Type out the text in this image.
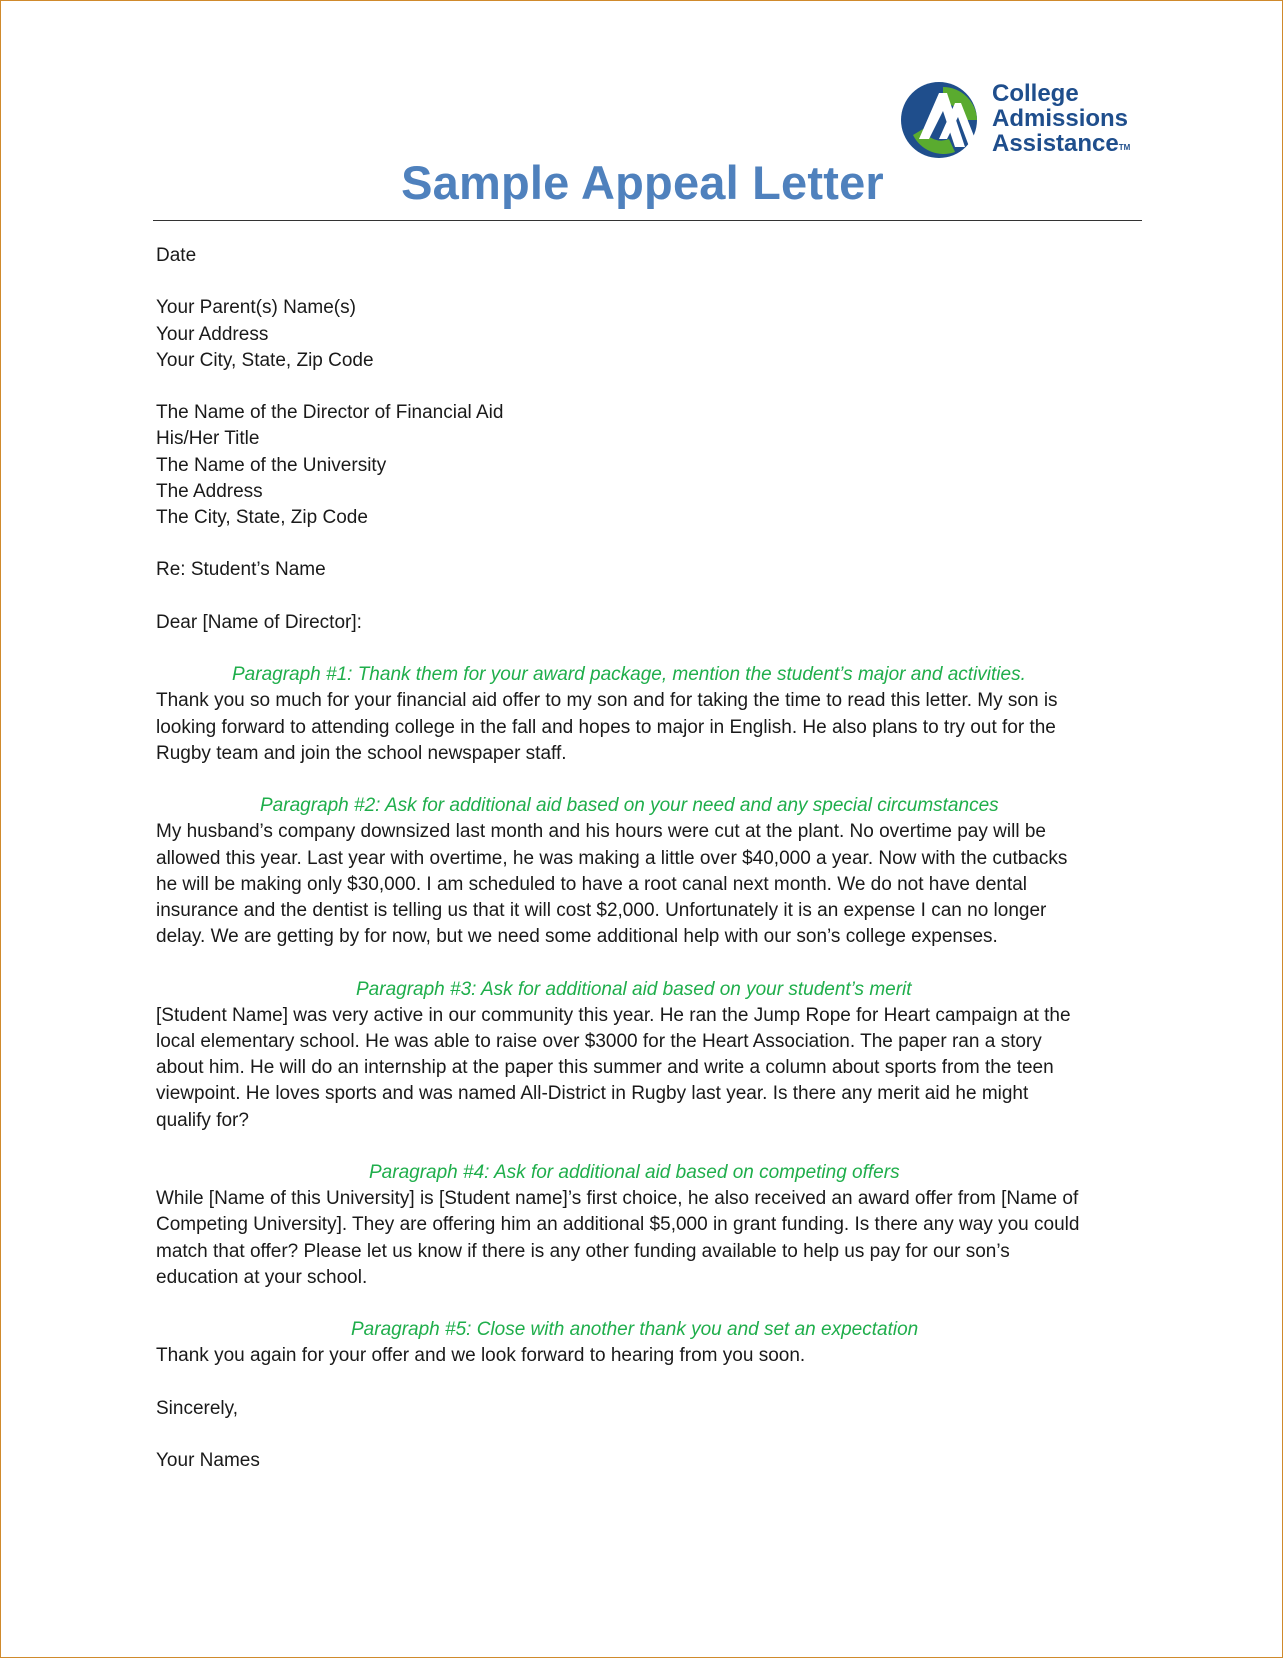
College
Admissions
Assistance™
Sample Appeal Letter
Date
Your Parent(s) Name(s)
Your Address
Your City, State, Zip Code
The Name of the Director of Financial Aid
His/Her Title
The Name of the University
The Address
The City, State, Zip Code
Re: Student’s Name
Dear [Name of Director]:
Paragraph #1: Thank them for your award package, mention the student’s major and activities.
Thank you so much for your financial aid offer to my son and for taking the time to read this letter. My son is
looking forward to attending college in the fall and hopes to major in English. He also plans to try out for the
Rugby team and join the school newspaper staff.
Paragraph #2: Ask for additional aid based on your need and any special circumstances
My husband’s company downsized last month and his hours were cut at the plant. No overtime pay will be
allowed this year. Last year with overtime, he was making a little over $40,000 a year. Now with the cutbacks
he will be making only $30,000. I am scheduled to have a root canal next month. We do not have dental
insurance and the dentist is telling us that it will cost $2,000. Unfortunately it is an expense I can no longer
delay. We are getting by for now, but we need some additional help with our son’s college expenses.
Paragraph #3: Ask for additional aid based on your student’s merit
[Student Name] was very active in our community this year. He ran the Jump Rope for Heart campaign at the
local elementary school. He was able to raise over $3000 for the Heart Association. The paper ran a story
about him. He will do an internship at the paper this summer and write a column about sports from the teen
viewpoint. He loves sports and was named All-District in Rugby last year. Is there any merit aid he might
qualify for?
Paragraph #4: Ask for additional aid based on competing offers
While [Name of this University] is [Student name]’s first choice, he also received an award offer from [Name of
Competing University]. They are offering him an additional $5,000 in grant funding. Is there any way you could
match that offer? Please let us know if there is any other funding available to help us pay for our son’s
education at your school.
Paragraph #5: Close with another thank you and set an expectation
Thank you again for your offer and we look forward to hearing from you soon.
Sincerely,
Your Names
